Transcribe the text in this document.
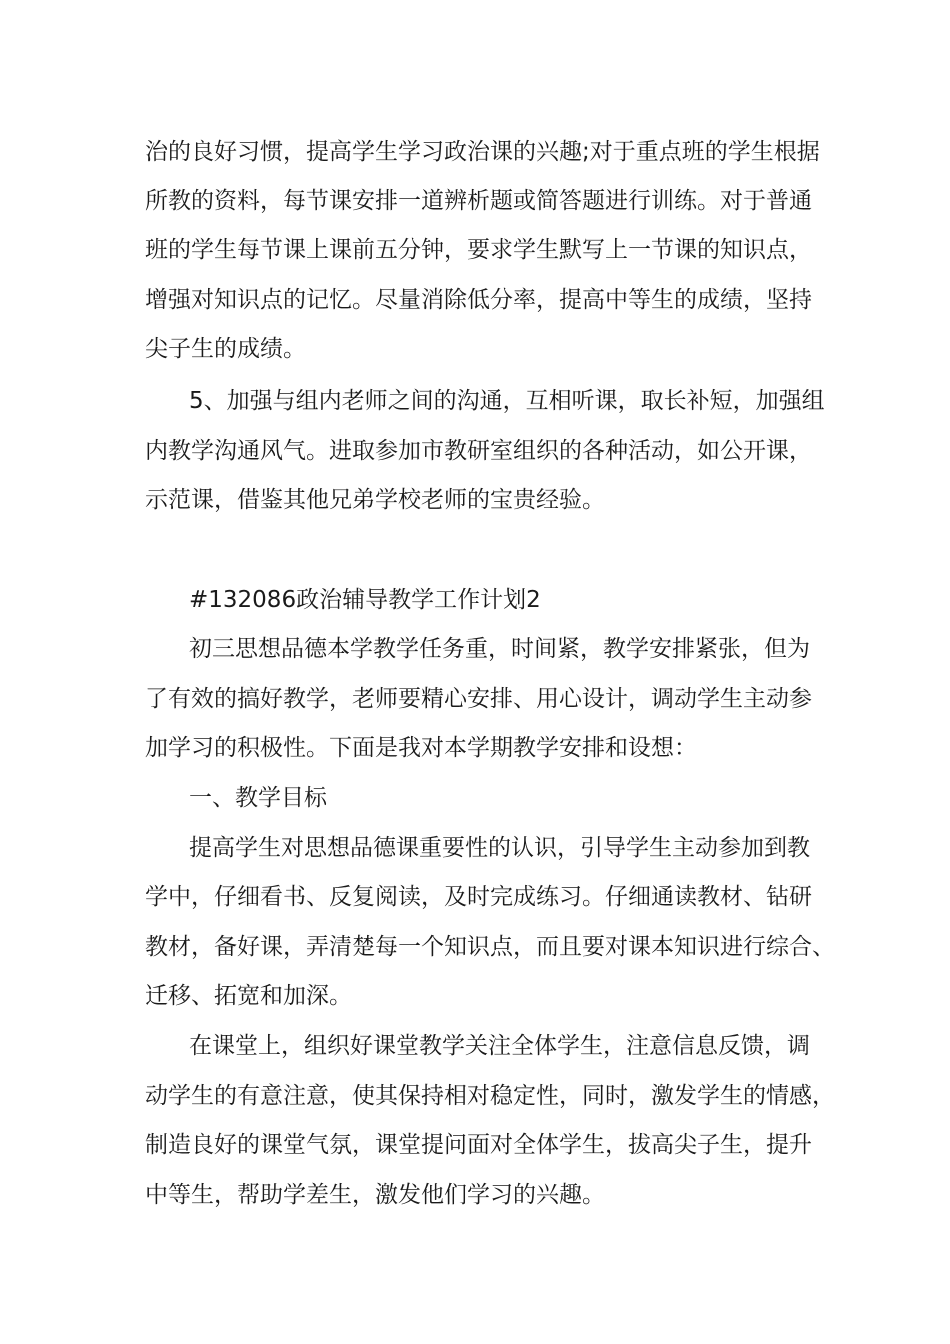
治的良好习惯，提高学生学习政治课的兴趣;对于重点班的学生根据

所教的资料，每节课安排一道辨析题或简答题进行训练。对于普通

班的学生每节课上课前五分钟，要求学生默写上一节课的知识点，

增强对知识点的记忆。尽量消除低分率，提高中等生的成绩，坚持

尖子生的成绩。

5、加强与组内老师之间的沟通，互相听课，取长补短，加强组

内教学沟通风气。进取参加市教研室组织的各种活动，如公开课，

示范课，借鉴其他兄弟学校老师的宝贵经验。

#132086政治辅导教学工作计划2

初三思想品德本学教学任务重，时间紧，教学安排紧张，但为

了有效的搞好教学，老师要精心安排、用心设计，调动学生主动参

加学习的积极性。下面是我对本学期教学安排和设想：

一、教学目标

提高学生对思想品德课重要性的认识，引导学生主动参加到教

学中，仔细看书、反复阅读，及时完成练习。仔细通读教材、钻研

教材，备好课，弄清楚每一个知识点，而且要对课本知识进行综合、

迁移、拓宽和加深。

在课堂上，组织好课堂教学关注全体学生，注意信息反馈，调

动学生的有意注意，使其保持相对稳定性，同时，激发学生的情感，

制造良好的课堂气氛，课堂提问面对全体学生，拔高尖子生，提升

中等生，帮助学差生，激发他们学习的兴趣。
